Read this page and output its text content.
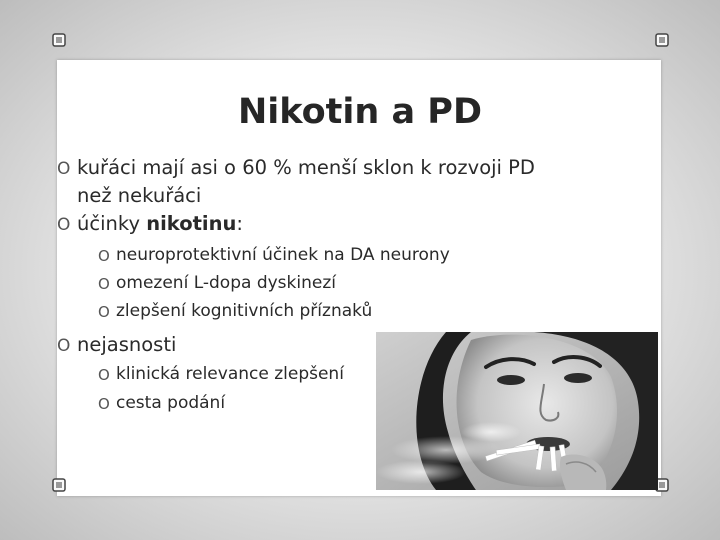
Nikotin a PD
O kuřáci mají asi o 60 % menší sklon k rozvoji PD
než nekuřáci
O účinky nikotinu:
O neuroprotektivní účinek na DA neurony
O omezení L-dopa dyskinezí
O zlepšení kognitivních příznaků
O nejasnosti
O klinická relevance zlepšení
O cesta podání
